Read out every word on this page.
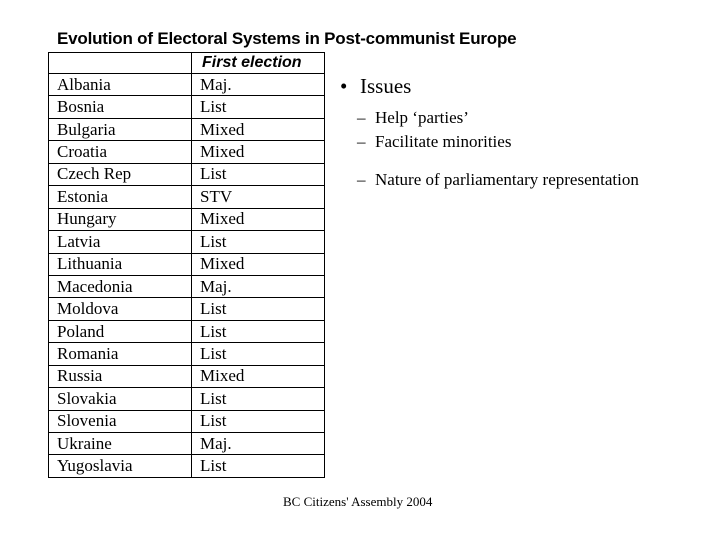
Evolution of Electoral Systems in Post-communist Europe
	First election
Albania	Maj.
Bosnia	List
Bulgaria	Mixed
Croatia	Mixed
Czech Rep	List
Estonia	STV
Hungary	Mixed
Latvia	List
Lithuania	Mixed
Macedonia	Maj.
Moldova	List
Poland	List
Romania	List
Russia	Mixed
Slovakia	List
Slovenia	List
Ukraine	Maj.
Yugoslavia	List
• Issues
– Help ‘parties’
– Facilitate minorities
– Nature of parliamentary representation
BC Citizens' Assembly 2004
